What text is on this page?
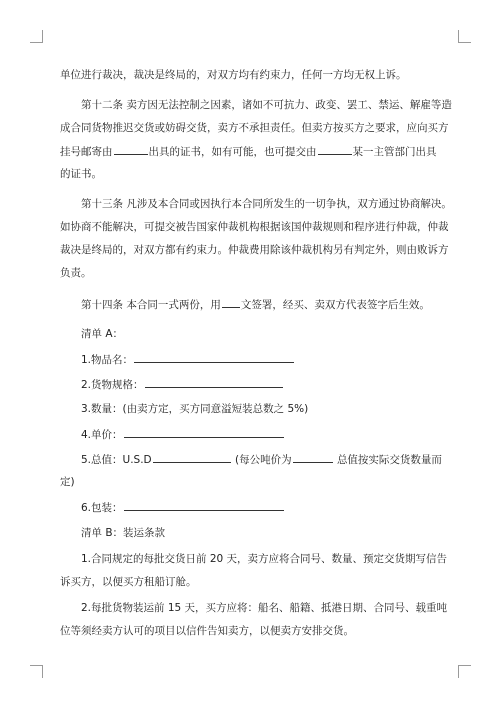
单位进行裁决，裁决是终局的，对双方均有约束力，任何一方均无权上诉。
第十二条 卖方因无法控制之因素，诸如不可抗力、政变、罢工、禁运、解雇等造
成合同货物推迟交货或妨碍交货，卖方不承担责任。但卖方按买方之要求，应向买方
挂号邮寄由	出具的证书，如有可能，也可提交由	某一主管部门出具
的证书。
第十三条 凡涉及本合同或因执行本合同所发生的一切争执，双方通过协商解决。
如协商不能解决，可提交被告国家仲裁机构根据该国仲裁规则和程序进行仲裁，仲裁
裁决是终局的，对双方都有约束力。仲裁费用除该仲裁机构另有判定外，则由败诉方
负责。
第十四条 本合同一式两份，用 文签署，经买、卖双方代表签字后生效。
清单 A：
1.物品名：
2.货物规格：
3.数量：(由卖方定，买方同意溢短装总数之 5%)
4.单价：
5.总值：U.S.D	(每公吨价为	总值按实际交货数量而
定)
6.包装：
清单 B：装运条款
1.合同规定的每批交货日前 20 天，卖方应将合同号、数量、预定交货期写信告
诉买方，以便买方租船订舱。
2.每批货物装运前 15 天，买方应将：船名、船籍、抵港日期、合同号、载重吨
位等须经卖方认可的项目以信件告知卖方，以便卖方安排交货。
